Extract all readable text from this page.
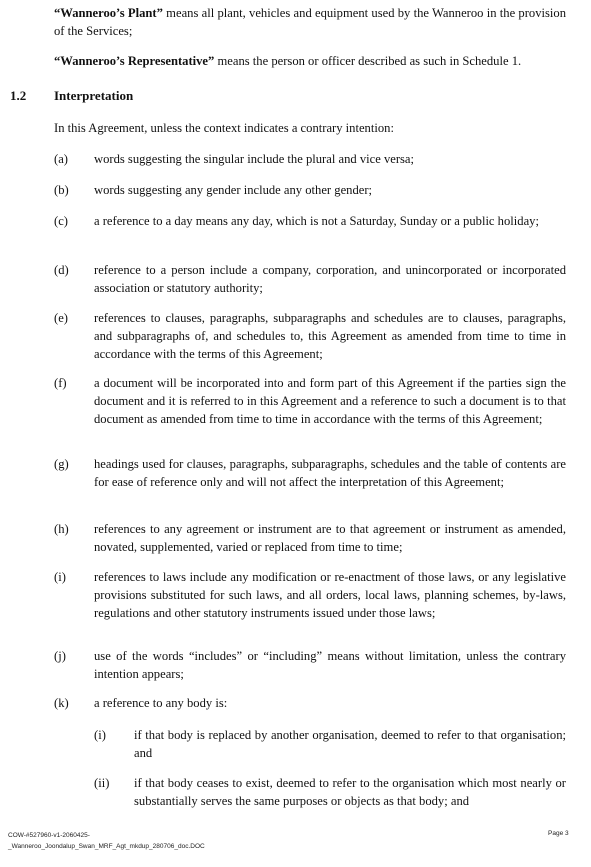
“Wanneroo’s Plant” means all plant, vehicles and equipment used by the Wanneroo in the provision of the Services;

“Wanneroo’s Representative” means the person or officer described as such in Schedule 1.

1.2 Interpretation

In this Agreement, unless the context indicates a contrary intention:

(a) words suggesting the singular include the plural and vice versa;
(b) words suggesting any gender include any other gender;
(c) a reference to a day means any day, which is not a Saturday, Sunday or a public holiday;
(d) reference to a person include a company, corporation, and unincorporated or incorporated association or statutory authority;
(e) references to clauses, paragraphs, subparagraphs and schedules are to clauses, paragraphs, and subparagraphs of, and schedules to, this Agreement as amended from time to time in accordance with the terms of this Agreement;
(f) a document will be incorporated into and form part of this Agreement if the parties sign the document and it is referred to in this Agreement and a reference to such a document is to that document as amended from time to time in accordance with the terms of this Agreement;
(g) headings used for clauses, paragraphs, subparagraphs, schedules and the table of contents are for ease of reference only and will not affect the interpretation of this Agreement;
(h) references to any agreement or instrument are to that agreement or instrument as amended, novated, supplemented, varied or replaced from time to time;
(i) references to laws include any modification or re-enactment of those laws, or any legislative provisions substituted for such laws, and all orders, local laws, planning schemes, by-laws, regulations and other statutory instruments issued under those laws;
(j) use of the words “includes” or “including” means without limitation, unless the contrary intention appears;
(k) a reference to any body is:
(i) if that body is replaced by another organisation, deemed to refer to that organisation; and
(ii) if that body ceases to exist, deemed to refer to the organisation which most nearly or substantially serves the same purposes or objects as that body; and
COW-#527960-v1-2060425-
_Wanneroo_Joondalup_Swan_MRF_Agt_mkdup_280706_doc.DOC
Page 3
